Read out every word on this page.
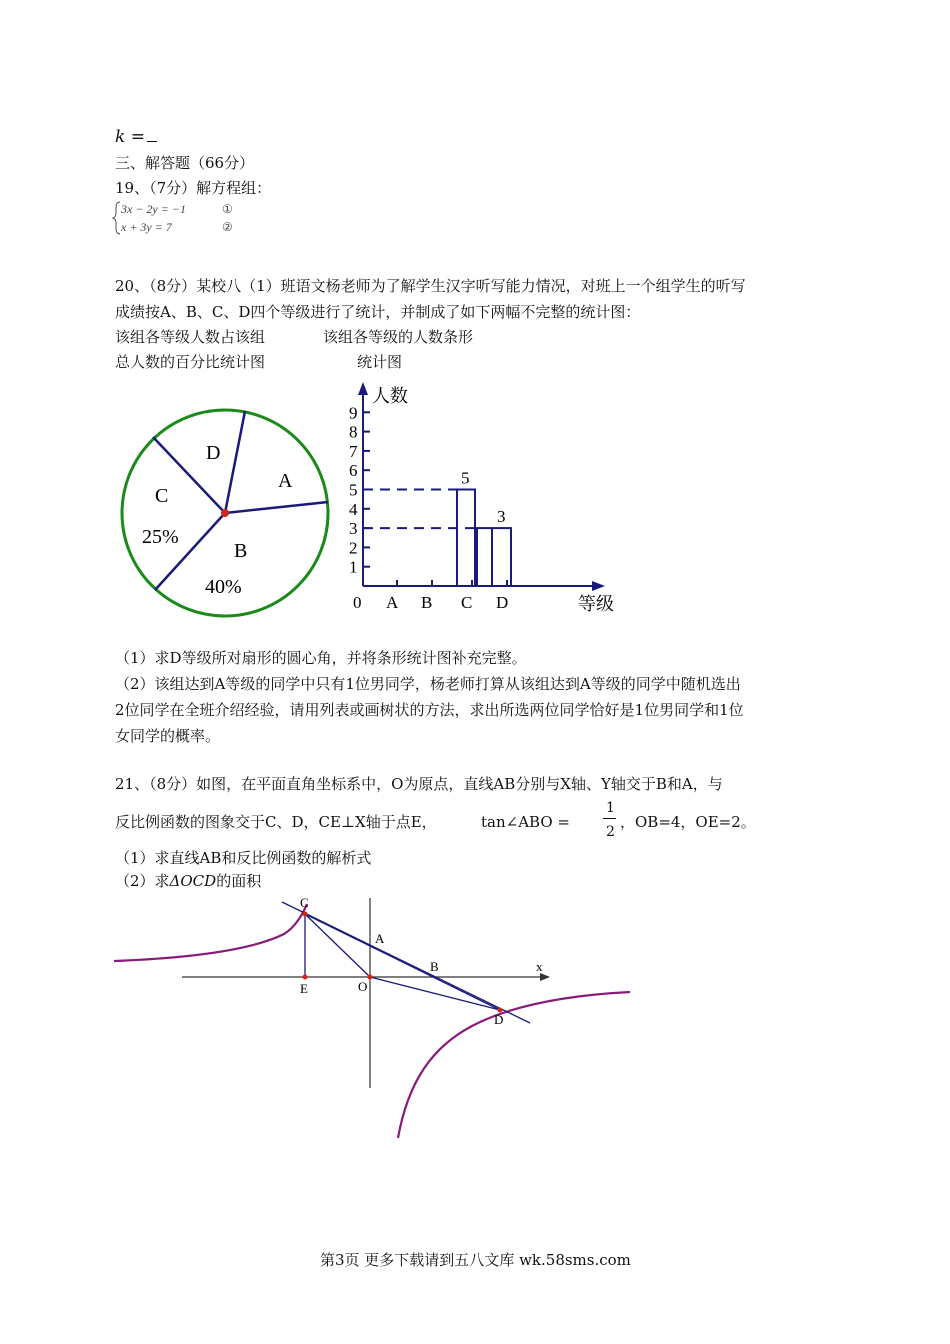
k =
三、解答题（66分）
19、（7分）解方程组：
3x − 2y = −1	①
x + 3y = 7	②
20、（8分）某校八（1）班语文杨老师为了解学生汉字听写能力情况，对班上一个组学生的听写
成绩按A、B、C、D四个等级进行了统计，并制成了如下两幅不完整的统计图：
该组各等级人数占该组	该组各等级的人数条形
总人数的百分比统计图	统计图
D
A
C
25%
B
40%
人数
等级
0
1
2
3
4
5
6
7
8
9
A B C
5
D
3
（1）求D等级所对扇形的圆心角，并将条形统计图补充完整。
（2）该组达到A等级的同学中只有1位男同学，杨老师打算从该组达到A等级的同学中随机选出
2位同学在全班介绍经验，请用列表或画树状的方法，求出所选两位同学恰好是1位男同学和1位
女同学的概率。
21、（8分）如图，在平面直角坐标系中，O为原点，直线AB分别与X轴、Y轴交于B和A，与
反比例函数的图象交于C、D，CE⊥X轴于点E，	tan∠ABO =
1
2
，OB=4，OE=2。
（1）求直线AB和反比例函数的解析式
（2）求ΔOCD的面积
C
A
B	x
E	O
D
第3页 更多下载请到五八文库 wk.58sms.com
